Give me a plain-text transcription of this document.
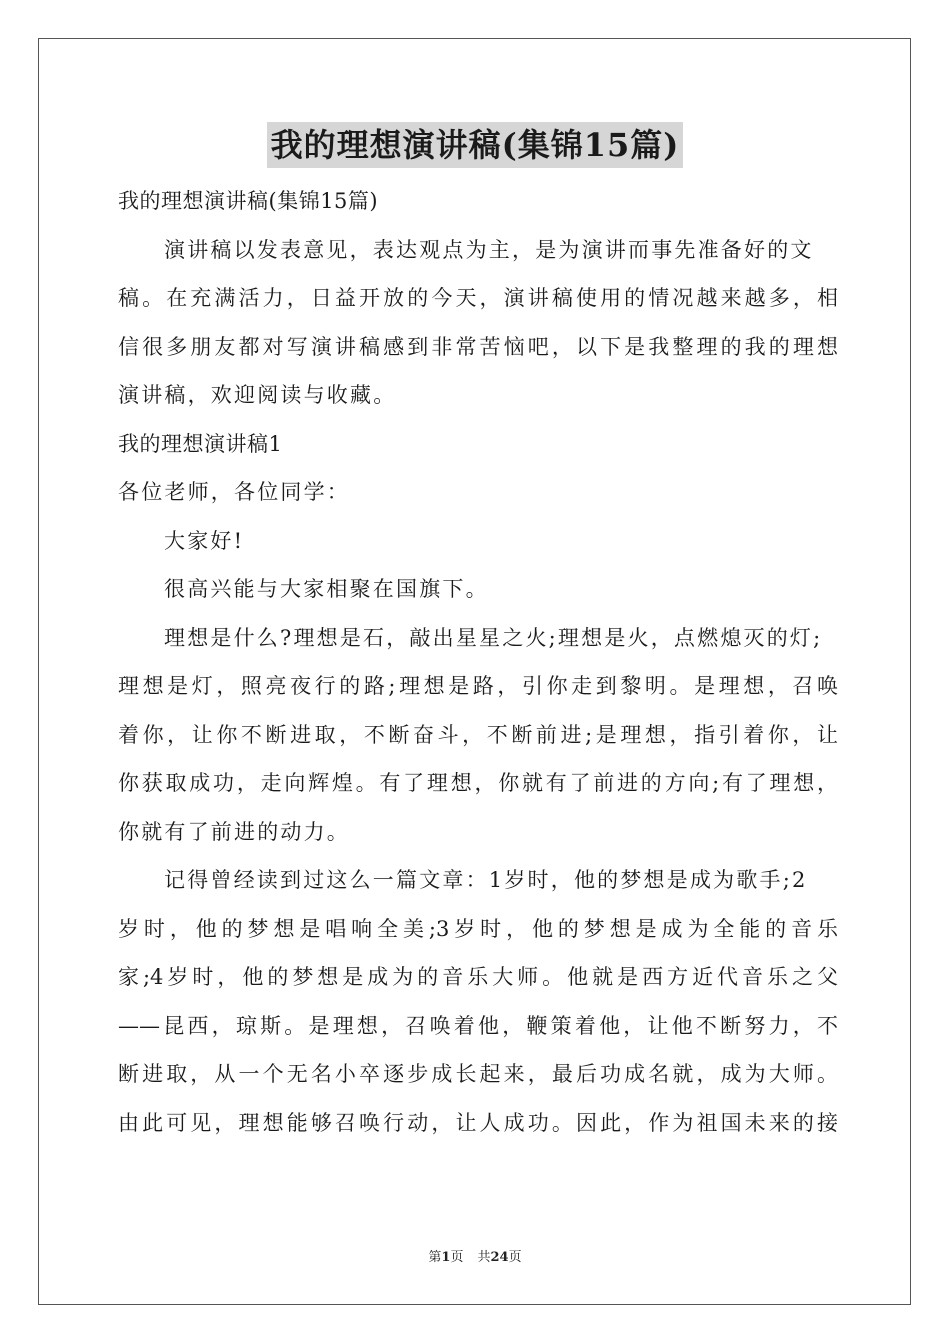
我的理想演讲稿(集锦15篇)
我的理想演讲稿(集锦15篇)
演讲稿以发表意见，表达观点为主，是为演讲而事先准备好的文
稿。在充满活力，日益开放的今天，演讲稿使用的情况越来越多，相
信很多朋友都对写演讲稿感到非常苦恼吧，以下是我整理的我的理想
演讲稿，欢迎阅读与收藏。
我的理想演讲稿1
各位老师，各位同学：
大家好!
很高兴能与大家相聚在国旗下。
理想是什么?理想是石，敲出星星之火;理想是火，点燃熄灭的灯;
理想是灯，照亮夜行的路;理想是路，引你走到黎明。是理想，召唤
着你，让你不断进取，不断奋斗，不断前进;是理想，指引着你，让
你获取成功，走向辉煌。有了理想，你就有了前进的方向;有了理想，
你就有了前进的动力。
记得曾经读到过这么一篇文章：1岁时，他的梦想是成为歌手;2
岁时，他的梦想是唱响全美;3岁时，他的梦想是成为全能的音乐
家;4岁时，他的梦想是成为的音乐大师。他就是西方近代音乐之父
——昆西，琼斯。是理想，召唤着他，鞭策着他，让他不断努力，不
断进取，从一个无名小卒逐步成长起来，最后功成名就，成为大师。
由此可见，理想能够召唤行动，让人成功。因此，作为祖国未来的接
第1页 共24页
